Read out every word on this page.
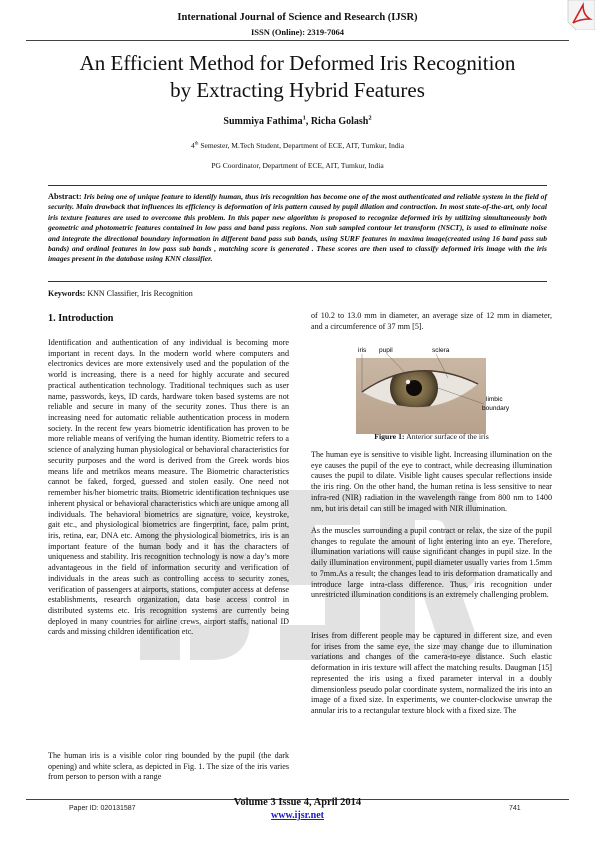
International Journal of Science and Research (IJSR)
ISSN (Online): 2319-7064
An Efficient Method for Deformed Iris Recognition
by Extracting Hybrid Features
Summiya Fathima$^1$, Richa Golash$^2$
4th Semester, M.Tech Student, Department of ECE, AIT, Tumkur, India
PG Coordinator, Department of ECE, AIT, Tumkur, India
Abstract: Iris being one of unique feature to identify human, thus iris recognition has become one of the most authenticated and reliable system in the field of security. Main drawback that influences its efficiency is deformation of iris pattern caused by pupil dilation and contraction. In most state-of-the-art, only local iris texture features are used to overcome this problem. In this paper new algorithm is proposed to recognize deformed iris by utilizing simultaneously both geometric and photometric features contained in low pass and band pass regions. Non sub sampled contour let transform (NSCT), is used to eliminate noise and integrate the directional boundary information in different band pass sub bands, using SURF features in maxima image(created using 16 band pass sub bands) and ordinal features in low pass sub bands , matching score is generated . These scores are then used to classify deformed iris image with the iris images present in the database using KNN classifier.
Keywords: KNN Classifier, Iris Recognition
1. Introduction
Identification and authentication of any individual is becoming more important in recent days. In the modern world where computers and electronics devices are more extensively used and the population of the world is increasing, there is a need for highly accurate and secured practical authentication technology. Traditional techniques such as user name, passwords, keys, ID cards, hardware token based systems are not reliable and secure in many of the security zones. Thus there is an increasing need for automatic reliable authentication process in modern society. In the recent few years biometric identification has proven to be more reliable means of verifying the human identity. Biometric refers to a science of analyzing human physiological or behavioral characteristics for security purposes and the word is derived from the Greek words bios means life and metrikos means measure. The Biometric characteristics cannot be faked, forged, guessed and stolen easily. One need not remember his/her biometric traits. Biometric identification techniques use inherent physical or behavioral characteristics which are unique among all individuals. The behavioral biometrics are signature, voice, keystroke, gait etc., and physiological biometrics are fingerprint, face, palm print, iris, retina, ear, DNA etc. Among the physiological biometrics, iris is an important feature of the human body and it has the characters of uniqueness and stability. Iris recognition technology is now a day’s more advantageous in the field of information security and verification of individuals in the areas such as controlling access to security zones, verification of passengers at airports, stations, computer access at defense establishments, research organization, data base access control in distributed systems etc. Iris recognition systems are currently being deployed in many countries for airline crews, airport staffs, national ID cards and missing children identification etc.
The human iris is a visible color ring bounded by the pupil (the dark opening) and white sclera, as depicted in Fig. 1. The size of the iris varies from person to person with a range
of 10.2 to 13.0 mm in diameter, an average size of 12 mm in diameter, and a circumference of 37 mm [5].
iris pupil	sclera
limbic
boundary
Figure 1: Anterior surface of the iris
The human eye is sensitive to visible light. Increasing illumination on the eye causes the pupil of the eye to contract, while decreasing illumination causes the pupil to dilate. Visible light causes specular reflections inside the iris ring. On the other hand, the human retina is less sensitive to near infra-red (NIR) radiation in the wavelength range from 800 nm to 1400 nm, but iris detail can still be imaged with NIR illumination.
As the muscles surrounding a pupil contract or relax, the size of the pupil changes to regulate the amount of light entering into an eye. Therefore, illumination variations will cause significant changes in pupil size. In the daily illumination environment, pupil diameter usually varies from 1.5mm to 7mm.As a result; the changes lead to iris deformation dramatically and introduce large intra-class difference. Thus, iris recognition under unrestricted illumination conditions is an extremely challenging problem.
Irises from different people may be captured in different size, and even for irises from the same eye, the size may change due to illumination variations and changes of the camera-to-eye distance. Such elastic deformation in iris texture will affect the matching results. Daugman [15] represented the iris using a fixed parameter interval in a doubly dimensionless pseudo polar coordinate system, normalized the iris into an image of a fixed size. In experiments, we counter-clockwise unwrap the annular iris to a rectangular texture block with a fixed size. The
Volume 3 Issue 4, April 2014
Paper ID: 020131587	741
www.ijsr.net
